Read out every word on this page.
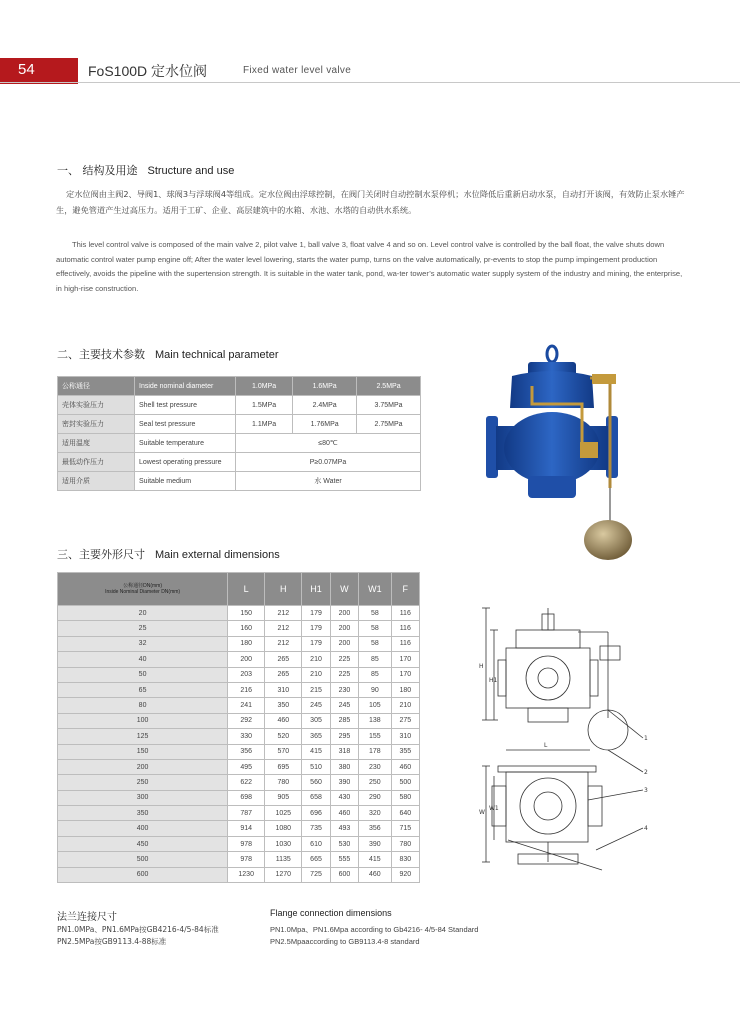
54	FoS100D 定水位阀	Fixed water level valve
一、 结构及用途 Structure and use
定水位阀由主阀2、导阀1、球阀3与浮球阀4等组成。定水位阀由浮球控制，在阀门关闭时自动控制水泵停机；水位降低后重新启动水泵，自动打开该阀，有效防止泵水锤产生，避免管道产生过高压力。适用于工矿、企业、高层建筑中的水箱、水池、水塔的自动供水系统。
This level control valve is composed of the main valve 2, pilot valve 1, ball valve 3, float valve 4 and so on. Level control valve is controlled by the ball float, the valve shuts down automatic control water pump engine off; After the water level lowering, starts the water pump, turns on the valve automatically, pr-events to stop the pump impingement production effectively, avoids the pipeline with the supertension strength. It is suitable in the water tank, pond, wa-ter tower’s automatic water supply system of the industry and mining, the enterprise, in high-rise construction.
二、主要技术参数 Main technical parameter
公称通径	Inside nominal diameter	1.0MPa	1.6MPa	2.5MPa
壳体实验压力	Shell test pressure	1.5MPa	2.4MPa	3.75MPa
密封实验压力	Seal test pressure	1.1MPa	1.76MPa	2.75MPa
适用温度	Suitable temperature	≤80℃		
最低动作压力	Lowest operating pressure	P≥0.07MPa		
适用介质	Suitable medium	水 Water		
三、主要外形尺寸 Main external dimensions
公称通径DN(mm)
Inside Nominal Diameter DN(mm)	L	H	H1	W	W1	F
20	150	212	179	200	58	116
25	160	212	179	200	58	116
32	180	212	179	200	58	116
40	200	265	210	225	85	170
50	203	265	210	225	85	170
65	216	310	215	230	90	180
80	241	350	245	245	105	210
100	292	460	305	285	138	275
125	330	520	365	295	155	310
150	356	570	415	318	178	355
200	495	695	510	380	230	460
250	622	780	560	390	250	500
300	698	905	658	430	290	580
350	787	1025	696	460	320	640
400	914	1080	735	493	356	715
450	978	1030	610	530	390	780
500	978	1135	665	555	415	830
600	1230	1270	725	600	460	920
1
2
3
4
H
H1
L
W
W1
法兰连接尺寸
PN1.0MPa、PN1.6MPa按GB4216-4/5-84标准
PN2.5MPa按GB9113.4-88标准
Flange connection dimensions
PN1.0Mpa、PN1.6Mpa according to Gb4216- 4/5-84 Standard
PN2.5Mpaaccording to GB9113.4-8 standard
